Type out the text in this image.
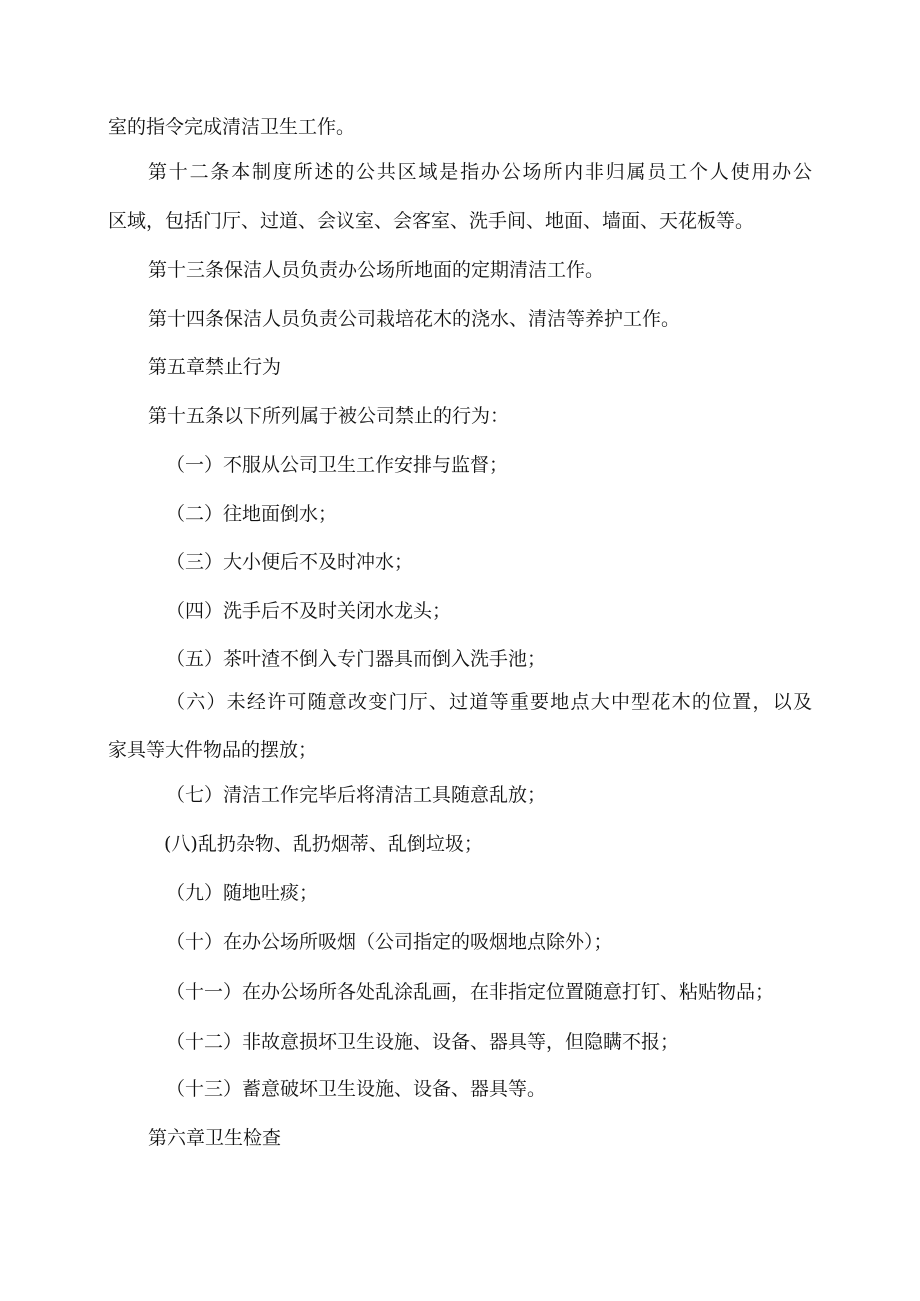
室的指令完成清洁卫生工作。
第十二条本制度所述的公共区域是指办公场所内非归属员工个人使用办公
区域，包括门厅、过道、会议室、会客室、洗手间、地面、墙面、天花板等。
第十三条保洁人员负责办公场所地面的定期清洁工作。
第十四条保洁人员负责公司栽培花木的浇水、清洁等养护工作。
第五章禁止行为
第十五条以下所列属于被公司禁止的行为：
（一）不服从公司卫生工作安排与监督；
（二）往地面倒水；
（三）大小便后不及时冲水；
（四）洗手后不及时关闭水龙头；
（五）茶叶渣不倒入专门器具而倒入洗手池；
（六）未经许可随意改变门厅、过道等重要地点大中型花木的位置，以及
家具等大件物品的摆放；
（七）清洁工作完毕后将清洁工具随意乱放；
(八)乱扔杂物、乱扔烟蒂、乱倒垃圾；
（九）随地吐痰；
（十）在办公场所吸烟（公司指定的吸烟地点除外）；
（十一）在办公场所各处乱涂乱画，在非指定位置随意打钉、粘贴物品；
（十二）非故意损坏卫生设施、设备、器具等，但隐瞒不报；
（十三）蓄意破坏卫生设施、设备、器具等。
第六章卫生检查
